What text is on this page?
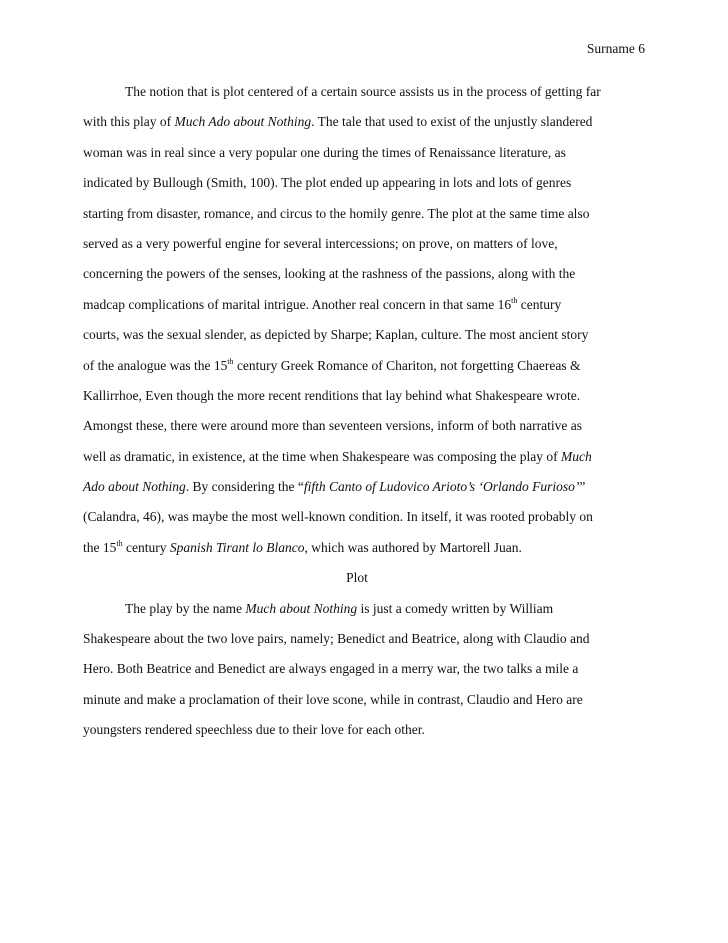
Surname 6
The notion that is plot centered of a certain source assists us in the process of getting far
with this play of Much Ado about Nothing. The tale that used to exist of the unjustly slandered
woman was in real since a very popular one during the times of Renaissance literature, as
indicated by Bullough (Smith, 100). The plot ended up appearing in lots and lots of genres
starting from disaster, romance, and circus to the homily genre. The plot at the same time also
served as a very powerful engine for several intercessions; on prove, on matters of love,
concerning the powers of the senses, looking at the rashness of the passions, along with the
madcap complications of marital intrigue. Another real concern in that same 16th century
courts, was the sexual slender, as depicted by Sharpe; Kaplan, culture. The most ancient story
of the analogue was the 15th century Greek Romance of Chariton, not forgetting Chaereas &
Kallirrhoe, Even though the more recent renditions that lay behind what Shakespeare wrote.
Amongst these, there were around more than seventeen versions, inform of both narrative as
well as dramatic, in existence, at the time when Shakespeare was composing the play of Much
Ado about Nothing. By considering the “fifth Canto of Ludovico Arioto’s ‘Orlando Furioso’”
(Calandra, 46), was maybe the most well-known condition. In itself, it was rooted probably on
the 15th century Spanish Tirant lo Blanco, which was authored by Martorell Juan.
Plot
The play by the name Much about Nothing is just a comedy written by William
Shakespeare about the two love pairs, namely; Benedict and Beatrice, along with Claudio and
Hero. Both Beatrice and Benedict are always engaged in a merry war, the two talks a mile a
minute and make a proclamation of their love scone, while in contrast, Claudio and Hero are
youngsters rendered speechless due to their love for each other.
